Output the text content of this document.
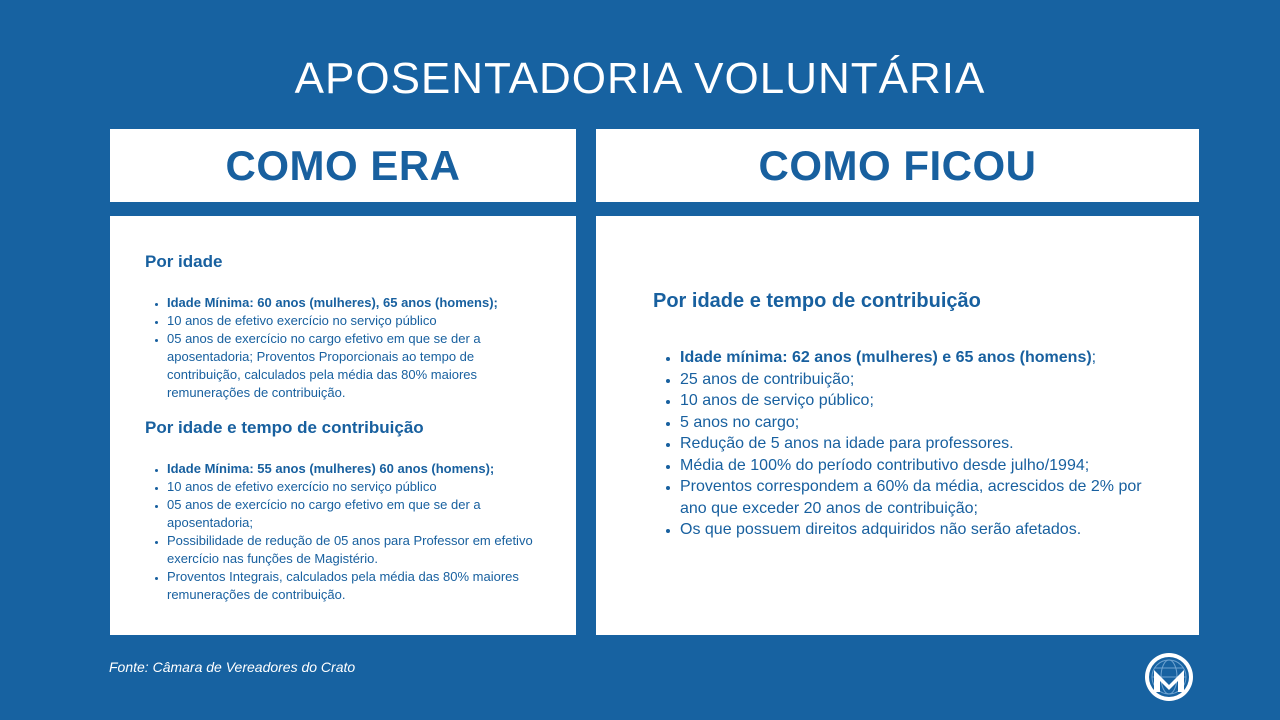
APOSENTADORIA VOLUNTÁRIA
COMO ERA	COMO FICOU

Por idade

• Idade Mínima: 60 anos (mulheres), 65 anos (homens);
• 10 anos de efetivo exercício no serviço público
• 05 anos de exercício no cargo efetivo em que se der a aposentadoria; Proventos Proporcionais ao tempo de contribuição, calculados pela média das 80% maiores remunerações de contribuição.

Por idade e tempo de contribuição

• Idade Mínima: 55 anos (mulheres) 60 anos (homens);
• 10 anos de efetivo exercício no serviço público
• 05 anos de exercício no cargo efetivo em que se der a aposentadoria;
• Possibilidade de redução de 05 anos para Professor em efetivo exercício nas funções de Magistério.
• Proventos Integrais, calculados pela média das 80% maiores remunerações de contribuição.

Por idade e tempo de contribuição

• Idade mínima: 62 anos (mulheres) e 65 anos (homens);
• 25 anos de contribuição;
• 10 anos de serviço público;
• 5 anos no cargo;
• Redução de 5 anos na idade para professores.
• Média de 100% do período contributivo desde julho/1994;
• Proventos correspondem a 60% da média, acrescidos de 2% por ano que exceder 20 anos de contribuição;
• Os que possuem direitos adquiridos não serão afetados.
Fonte: Câmara de Vereadores do Crato
